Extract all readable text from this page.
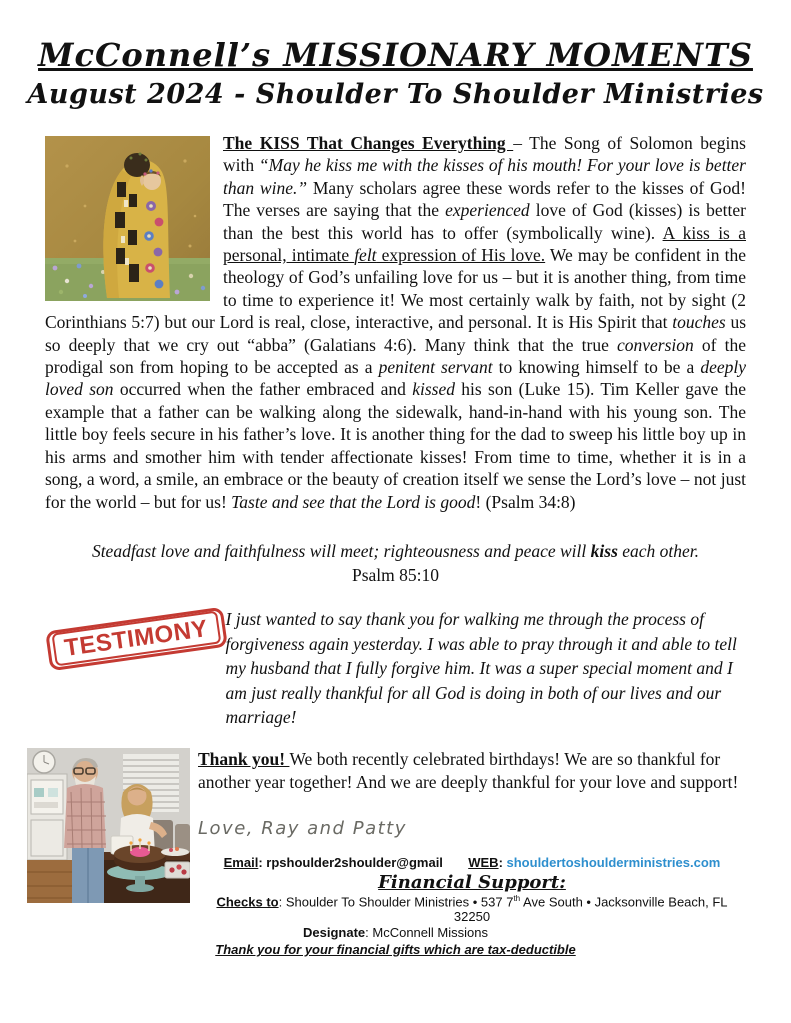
McConnell’s MISSIONARY MOMENTS
August 2024 - Shoulder To Shoulder Ministries

The KISS That Changes Everything – The Song of Solomon begins with “May he kiss me with the kisses of his mouth! For your love is better than wine.” Many scholars agree these words refer to the kisses of God! The verses are saying that the experienced love of God (kisses) is better than the best this world has to offer (symbolically wine). A kiss is a personal, intimate felt expression of His love. We may be confident in the theology of God’s unfailing love for us – but it is another thing, from time to time to experience it! We most certainly walk by faith, not by sight (2 Corinthians 5:7) but our Lord is real, close, interactive, and personal. It is His Spirit that touches us so deeply that we cry out “abba” (Galatians 4:6). Many think that the true conversion of the prodigal son from hoping to be accepted as a penitent servant to knowing himself to be a deeply loved son occurred when the father embraced and kissed his son (Luke 15). Tim Keller gave the example that a father can be walking along the sidewalk, hand-in-hand with his young son. The little boy feels secure in his father’s love. It is another thing for the dad to sweep his little boy up in his arms and smother him with tender affectionate kisses! From time to time, whether it is in a song, a word, a smile, an embrace or the beauty of creation itself we sense the Lord’s love – not just for the world – but for us! Taste and see that the Lord is good! (Psalm 34:8)

Steadfast love and faithfulness will meet; righteousness and peace will kiss each other.

Psalm 85:10

TESTIMONY I just wanted to say thank you for walking me through the process of forgiveness again yesterday. I was able to pray through it and able to tell my husband that I fully forgive him. It was a super special moment and I am just really thankful for all God is doing in both of our lives and our marriage!

Thank you! We both recently celebrated birthdays! We are so thankful for another year together! And we are deeply thankful for your love and support!

Love, Ray and Patty

Email: rpshoulder2shoulder@gmail WEB: shouldertoshoulderministries.com

Financial Support:

Checks to: Shoulder To Shoulder Ministries • 537 7th Ave South • Jacksonville Beach, FL 32250

Designate: McConnell Missions

Thank you for your financial gifts which are tax-deductible
